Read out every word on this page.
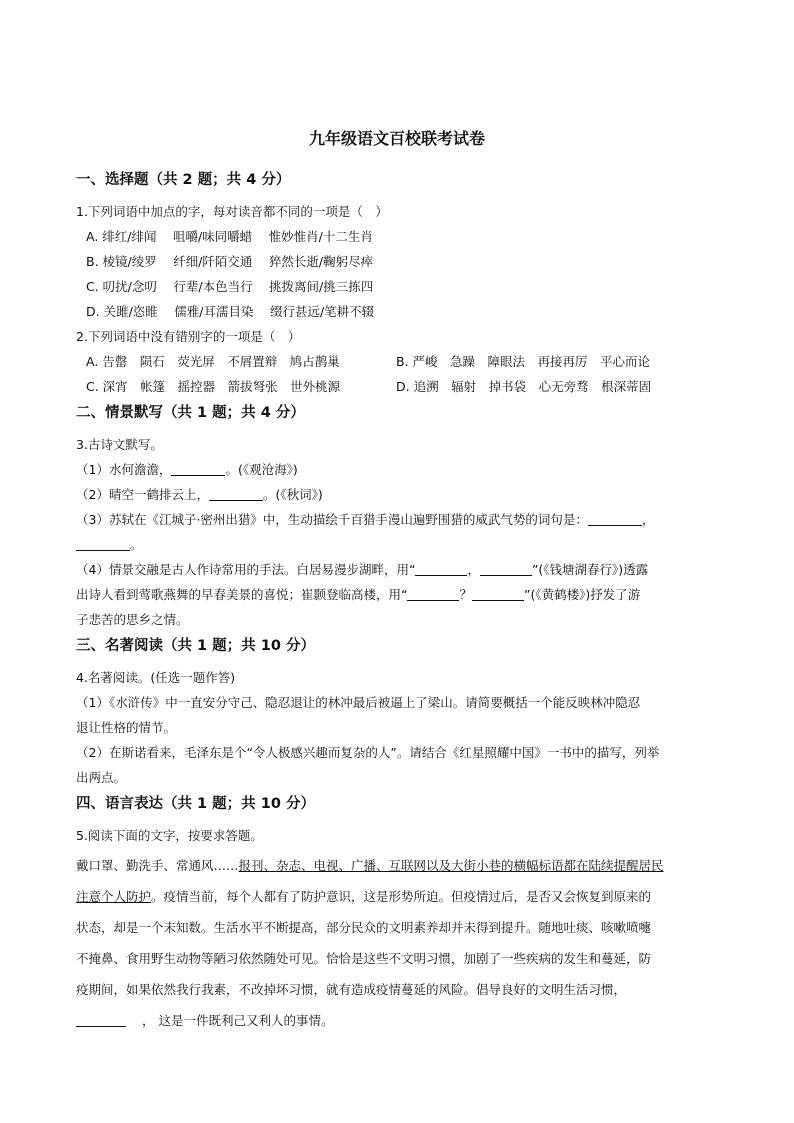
九年级语文百校联考试卷
一、选择题（共 2 题；共 4 分）
1.下列词语中加点的字，每对读音都不同的一项是（　）
A. 绯红/绯闻　 咀嚼/味同嚼蜡　 惟妙惟肖/十二生肖
B. 棱镜/绫罗　 纤细/阡陌交通　 猝然长逝/鞠躬尽瘁
C. 叨扰/念叨　 行辈/本色当行　 挑拨离间/挑三拣四
D. 关雎/恣睢　 儒雅/耳濡目染　 缀行甚远/笔耕不辍
2.下列词语中没有错别字的一项是（　）
A. 告罄　陨石　荧光屏　不屑置辩　鸠占鹊巢	B. 严峻　急躁　障眼法　再接再厉　平心而论
C. 深宵　帐篷　摇控器　箭拔弩张　世外桃源	D. 追溯　辐射　掉书袋　心无旁骛　根深蒂固
二、情景默写（共 1 题；共 4 分）
3.古诗文默写。
（1）水何澹澹，	。(《观沧海》)
（2）晴空一鹤排云上，	。(《秋词》)
（3）苏轼在《江城子·密州出猎》中，生动描绘千百猎手漫山遍野围猎的威武气势的词句是：	，
。
（4）情景交融是古人作诗常用的手法。白居易漫步湖畔，用“	，	”(《钱塘湖春行》)透露
出诗人看到莺歌燕舞的早春美景的喜悦；崔颢登临高楼，用“	？	”(《黄鹤楼》)抒发了游
子悲苦的思乡之情。
三、名著阅读（共 1 题；共 10 分）
4.名著阅读。(任选一题作答)
（1）《水浒传》中一直安分守己、隐忍退让的林冲最后被逼上了梁山。请简要概括一个能反映林冲隐忍
退让性格的情节。
（2）在斯诺看来，毛泽东是个“令人极感兴趣而复杂的人”。请结合《红星照耀中国》一书中的描写，列举
出两点。
四、语言表达（共 1 题；共 10 分）
5.阅读下面的文字，按要求答题。
戴口罩、勤洗手、常通风……报刊、杂志、电视、广播、互联网以及大街小巷的横幅标语都在陆续提醒居民
注意个人防护。疫情当前，每个人都有了防护意识，这是形势所迫。但疫情过后，是否又会恢复到原来的
状态，却是一个未知数。生活水平不断提高，部分民众的文明素养却并未得到提升。随地吐痰、咳嗽喷嚏
不掩鼻、食用野生动物等陋习依然随处可见。恰恰是这些不文明习惯，加剧了一些疾病的发生和蔓延，防
疫期间，如果依然我行我素，不改掉坏习惯，就有造成疫情蔓延的风险。倡导良好的文明生活习惯，
， 这是一件既利己又利人的事情。
